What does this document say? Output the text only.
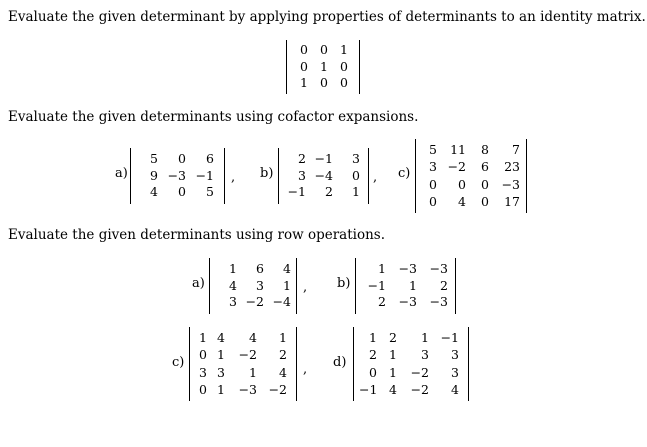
Evaluate the given determinant by applying properties of determinants to an identity matrix.
0 0 1
0 1 0
1 0 0
Evaluate the given determinants using cofactor expansions.
a)
5	0	6
9 −3 −1
4	0	5
, b)
2 −1	3
3 −4	0
−1	2	1
, c)
5	11	8	7
3 −2	6	23
0	0	0	−3
0	4	0	17
Evaluate the given determinants using row operations.
a)
1	6	4
4	3	1
3 −2 −4
, b)
1	−3	−3
−1	1	2
2	−3	−3
c)
1 4	4	1
0 1	−2	2
3 3	1	4
0 1	−3 −2
, d)
1 2	1 −1
2 1	3	3
0 1	−2	3
−1 4	−2	4
